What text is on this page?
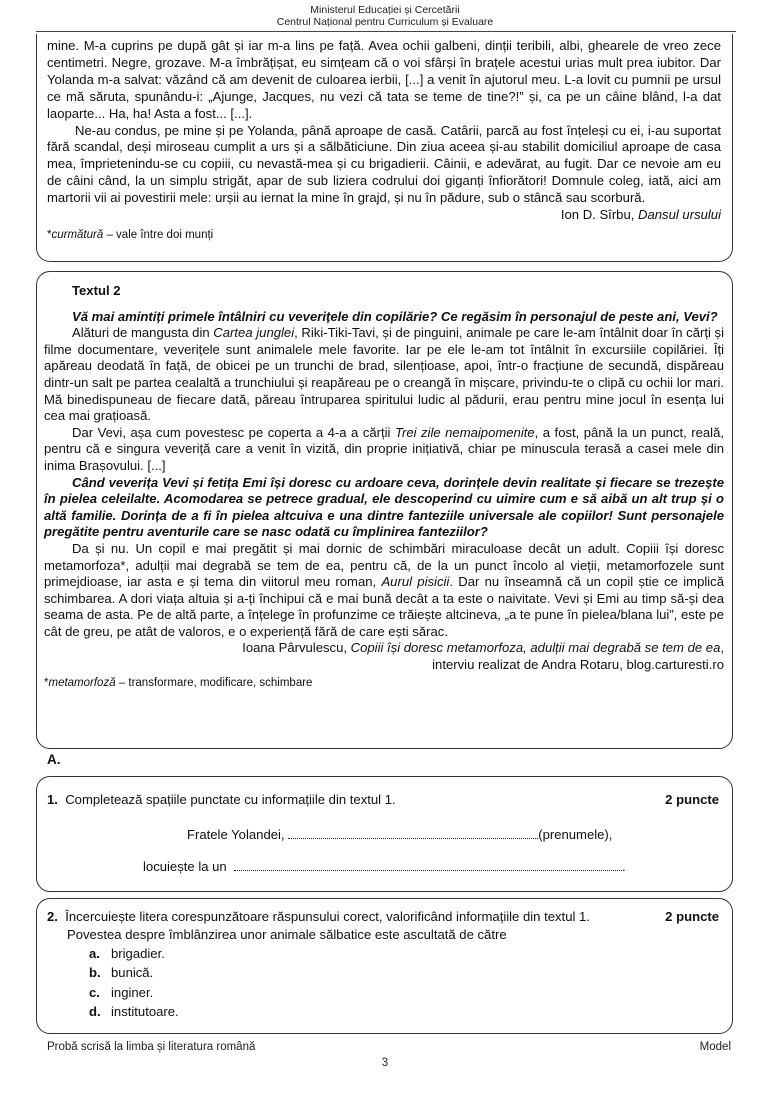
Ministerul Educației și Cercetării
Centrul Național pentru Curriculum și Evaluare

mine. M-a cuprins pe după gât și iar m-a lins pe față. Avea ochii galbeni, dinții teribili, albi, ghearele de vreo zece centimetri. Negre, grozave. M-a îmbrățișat, eu simțeam că o voi sfârși în brațele acestui urias mult prea iubitor. Dar Yolanda m-a salvat: văzând că am devenit de culoarea ierbii, [...] a venit în ajutorul meu. L-a lovit cu pumnii pe ursul ce mă săruta, spunându-i: „Ajunge, Jacques, nu vezi că tata se teme de tine?!” și, ca pe un câine blând, l-a dat laoparte... Ha, ha! Asta a fost... [...].

Ne-au condus, pe mine și pe Yolanda, până aproape de casă. Catârii, parcă au fost înțeleși cu ei, i-au suportat fără scandal, deși miroseau cumplit a urs și a sălbăticiune. Din ziua aceea și-au stabilit domiciliul aproape de casa mea, împrietenindu-se cu copiii, cu nevastă-mea și cu brigadierii. Câinii, e adevărat, au fugit. Dar ce nevoie am eu de câini când, la un simplu strigăt, apar de sub liziera codrului doi giganți înfiorători! Domnule coleg, iată, aici am martorii vii ai povestirii mele: urșii au iernat la mine în grajd, și nu în pădure, sub o stâncă sau scorbură.

Ion D. Sîrbu, Dansul ursului

*curmătură – vale între doi munți

Textul 2

Vă mai amintiți primele întâlniri cu veverițele din copilărie? Ce regăsim în personajul de peste ani, Vevi?

Alături de mangusta din Cartea junglei, Riki-Tiki-Tavi, și de pinguini, animale pe care le-am întâlnit doar în cărți și filme documentare, veverițele sunt animalele mele favorite. Iar pe ele le-am tot întâlnit în excursiile copilăriei. Îți apăreau deodată în față, de obicei pe un trunchi de brad, silențioase, apoi, într-o fracțiune de secundă, dispăreau dintr-un salt pe partea cealaltă a trunchiului și reapăreau pe o creangă în mișcare, privindu-te o clipă cu ochii lor mari. Mă binedispuneau de fiecare dată, păreau întruparea spiritului ludic al pădurii, erau pentru mine jocul în esența lui cea mai grațioasă.

Dar Vevi, așa cum povestesc pe coperta a 4-a a cărții Trei zile nemaipomenite, a fost, până la un punct, reală, pentru că e singura veveriță care a venit în vizită, din proprie inițiativă, chiar pe minuscula terasă a casei mele din inima Brașovului. [...]

Când veverița Vevi și fetița Emi își doresc cu ardoare ceva, dorințele devin realitate și fiecare se trezește în pielea celeilalte. Acomodarea se petrece gradual, ele descoperind cu uimire cum e să aibă un alt trup și o altă familie. Dorința de a fi în pielea altcuiva e una dintre fanteziile universale ale copiilor! Sunt personajele pregătite pentru aventurile care se nasc odată cu împlinirea fanteziilor?

Da și nu. Un copil e mai pregătit și mai dornic de schimbări miraculoase decât un adult. Copiii își doresc metamorfoza*, adulții mai degrabă se tem de ea, pentru că, de la un punct încolo al vieții, metamorfozele sunt primejdioase, iar asta e și tema din viitorul meu roman, Aurul pisicii. Dar nu înseamnă că un copil știe ce implică schimbarea. A dori viața altuia și a-ți închipui că e mai bună decât a ta este o naivitate. Vevi și Emi au timp să-și dea seama de asta. Pe de altă parte, a înțelege în profunzime ce trăiește altcineva, „a te pune în pielea/blana lui”, este pe cât de greu, pe atât de valoros, e o experiență fără de care ești sărac.

Ioana Pârvulescu, Copiii își doresc metamorfoza, adulții mai degrabă se tem de ea,

interviu realizat de Andra Rotaru, blog.carturesti.ro

*metamorfoză – transformare, modificare, schimbare

A.
1. Completează spațiile punctate cu informațiile din textul 1.	2 puncte
Fratele Yolandei,	(prenumele),
locuiește la un	.
2. Încercuiește litera corespunzătoare răspunsului corect, valorificând informațiile din textul 1.	2 puncte
Povestea despre îmblânzirea unor animale sălbatice este ascultată de către
a. brigadier.
b. bunică.
c. inginer.
d. institutoare.
Probă scrisă la limba și literatura română	Model
3
